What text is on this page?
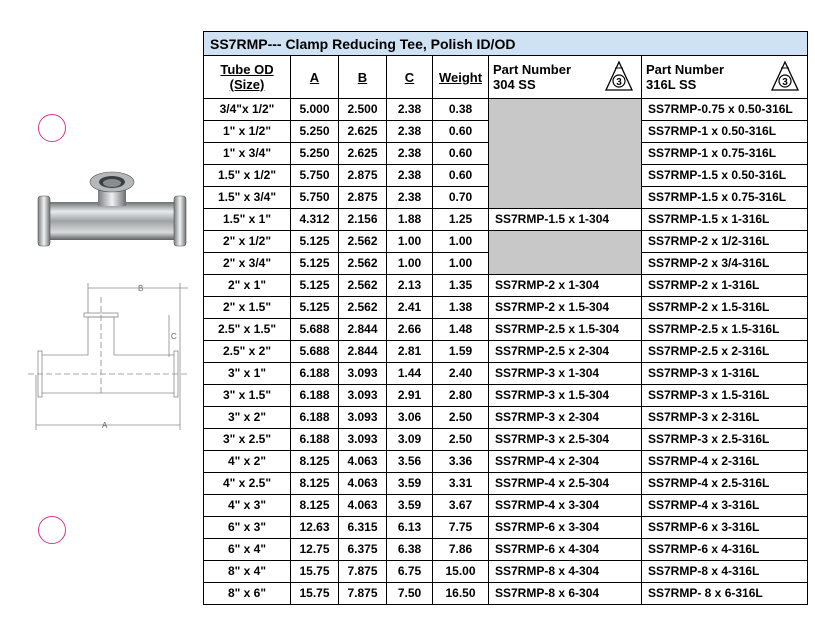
B
C
A
SS7RMP--- Clamp Reducing Tee, Polish ID/OD						
Tube OD
(Size)	A	B	C	Weight	Part Number
304 SS 3	Part Number
316L SS 3

3/4"x 1/2"	5.000	2.500	2.38	0.38		SS7RMP-0.75 x 0.50-316L
1" x 1/2"	5.250	2.625	2.38	0.60		SS7RMP-1 x 0.50-316L
1" x 3/4"	5.250	2.625	2.38	0.60		SS7RMP-1 x 0.75-316L
1.5" x 1/2"	5.750	2.875	2.38	0.60		SS7RMP-1.5 x 0.50-316L
1.5" x 3/4"	5.750	2.875	2.38	0.70		SS7RMP-1.5 x 0.75-316L
1.5" x 1"	4.312	2.156	1.88	1.25	SS7RMP-1.5 x 1-304	SS7RMP-1.5 x 1-316L
2" x 1/2"	5.125	2.562	1.00	1.00		SS7RMP-2 x 1/2-316L
2" x 3/4"	5.125	2.562	1.00	1.00		SS7RMP-2 x 3/4-316L
2" x 1"	5.125	2.562	2.13	1.35	SS7RMP-2 x 1-304	SS7RMP-2 x 1-316L
2" x 1.5"	5.125	2.562	2.41	1.38	SS7RMP-2 x 1.5-304	SS7RMP-2 x 1.5-316L
2.5" x 1.5"	5.688	2.844	2.66	1.48	SS7RMP-2.5 x 1.5-304	SS7RMP-2.5 x 1.5-316L
2.5" x 2"	5.688	2.844	2.81	1.59	SS7RMP-2.5 x 2-304	SS7RMP-2.5 x 2-316L
3" x 1"	6.188	3.093	1.44	2.40	SS7RMP-3 x 1-304	SS7RMP-3 x 1-316L
3" x 1.5"	6.188	3.093	2.91	2.80	SS7RMP-3 x 1.5-304	SS7RMP-3 x 1.5-316L
3" x 2"	6.188	3.093	3.06	2.50	SS7RMP-3 x 2-304	SS7RMP-3 x 2-316L
3" x 2.5"	6.188	3.093	3.09	2.50	SS7RMP-3 x 2.5-304	SS7RMP-3 x 2.5-316L
4" x 2"	8.125	4.063	3.56	3.36	SS7RMP-4 x 2-304	SS7RMP-4 x 2-316L
4" x 2.5"	8.125	4.063	3.59	3.31	SS7RMP-4 x 2.5-304	SS7RMP-4 x 2.5-316L
4" x 3"	8.125	4.063	3.59	3.67	SS7RMP-4 x 3-304	SS7RMP-4 x 3-316L
6" x 3"	12.63	6.315	6.13	7.75	SS7RMP-6 x 3-304	SS7RMP-6 x 3-316L
6" x 4"	12.75	6.375	6.38	7.86	SS7RMP-6 x 4-304	SS7RMP-6 x 4-316L
8" x 4"	15.75	7.875	6.75	15.00	SS7RMP-8 x 4-304	SS7RMP-8 x 4-316L
8" x 6"	15.75	7.875	7.50	16.50	SS7RMP-8 x 6-304	SS7RMP- 8 x 6-316L
